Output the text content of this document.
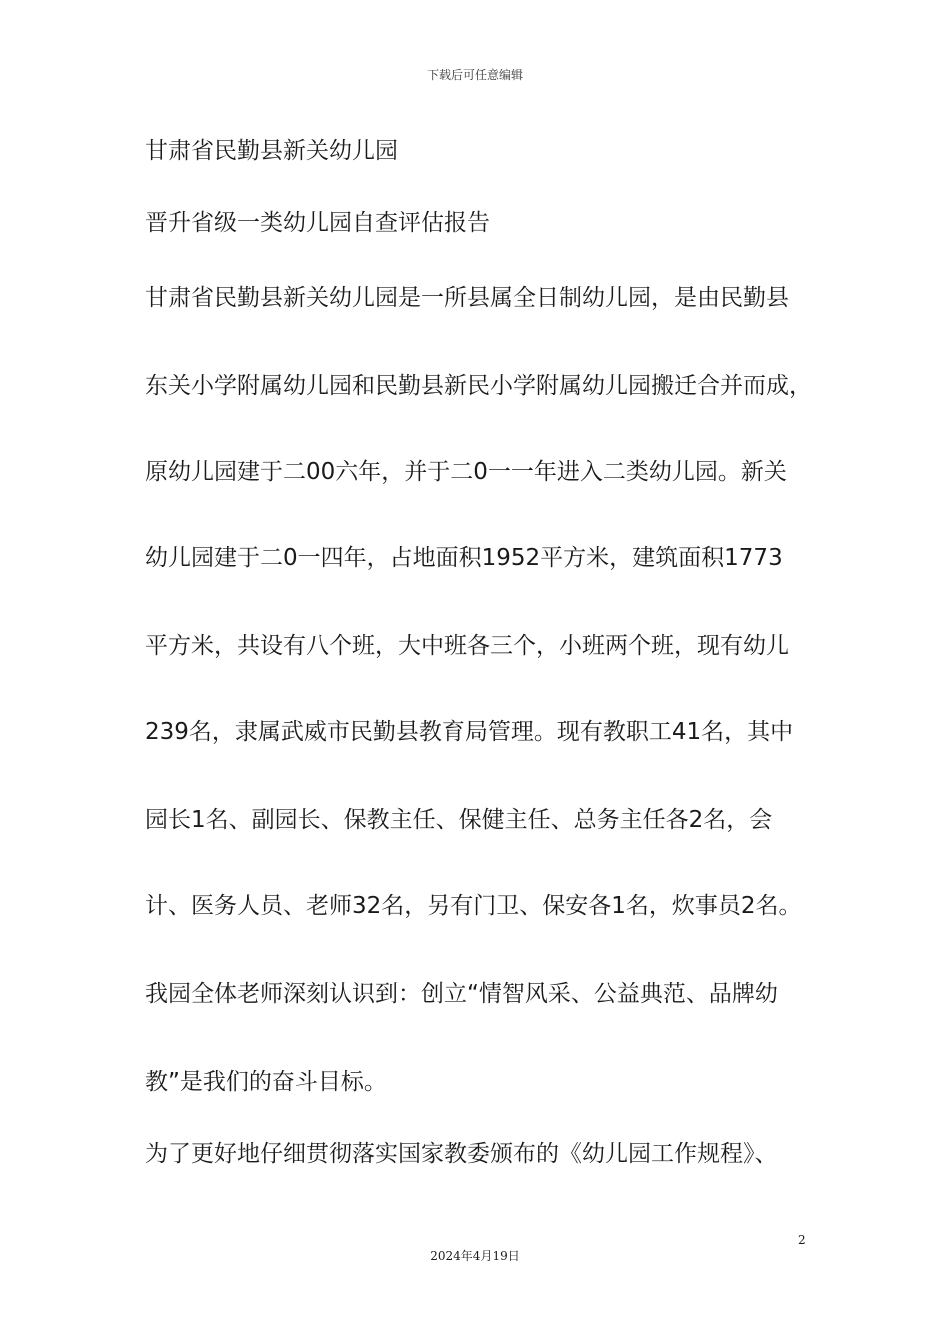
下载后可任意编辑
甘肃省民勤县新关幼儿园
晋升省级一类幼儿园自查评估报告
甘肃省民勤县新关幼儿园是一所县属全日制幼儿园，是由民勤县
东关小学附属幼儿园和民勤县新民小学附属幼儿园搬迁合并而成，
原幼儿园建于二00六年，并于二0一一年进入二类幼儿园。新关
幼儿园建于二0一四年，占地面积1952平方米，建筑面积1773
平方米，共设有八个班，大中班各三个，小班两个班，现有幼儿
239名，隶属武威市民勤县教育局管理。现有教职工41名，其中
园长1名、副园长、保教主任、保健主任、总务主任各2名，会
计、医务人员、老师32名，另有门卫、保安各1名，炊事员2名。
我园全体老师深刻认识到：创立“情智风采、公益典范、品牌幼
教”是我们的奋斗目标。
为了更好地仔细贯彻落实国家教委颁布的《幼儿园工作规程》、
2
2024年4月19日
